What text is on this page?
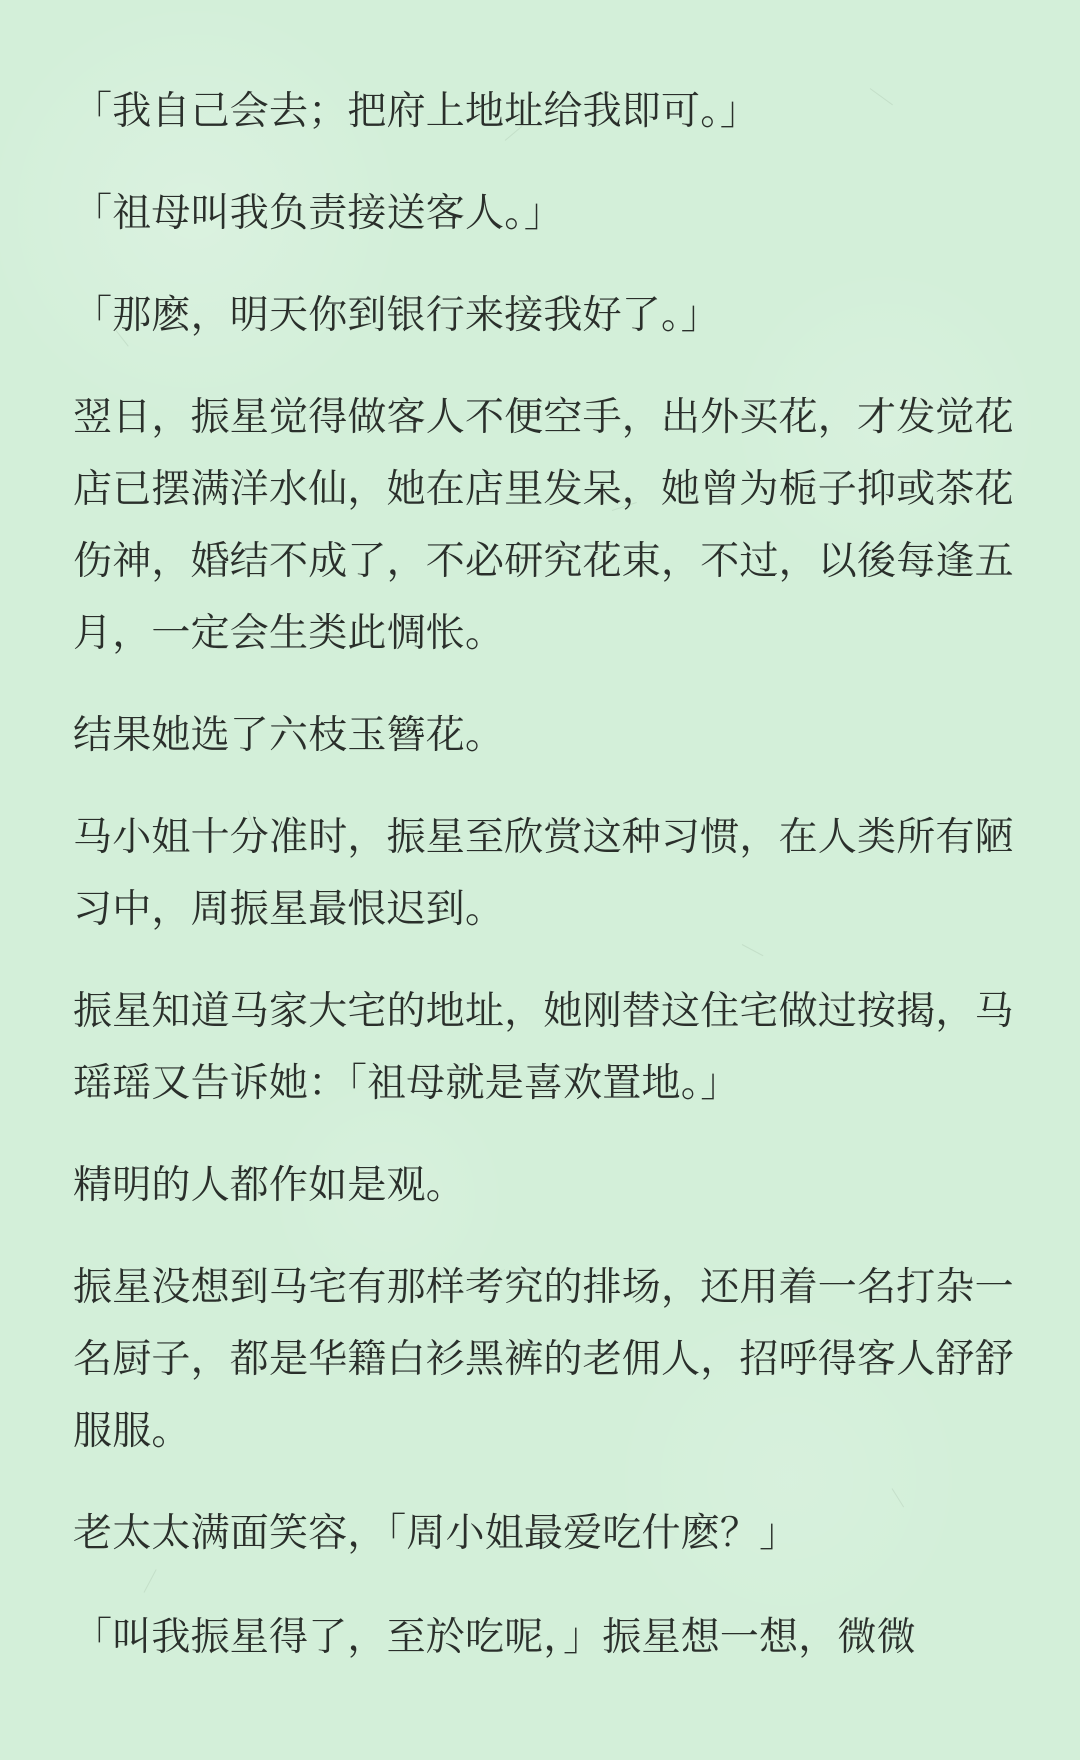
「我自己会去；把府上地址给我即可。」

「祖母叫我负责接送客人。」

「那麽，明天你到银行来接我好了。」

翌日，振星觉得做客人不便空手，出外买花，才发觉花店已摆满洋水仙，她在店里发呆，她曾为栀子抑或茶花伤神，婚结不成了，不必研究花束，不过，以後每逢五月，一定会生类此惆怅。

结果她选了六枝玉簪花。

马小姐十分准时，振星至欣赏这种习惯，在人类所有陋习中，周振星最恨迟到。

振星知道马家大宅的地址，她刚替这住宅做过按揭，马瑶瑶又告诉她：「祖母就是喜欢置地。」

精明的人都作如是观。

振星没想到马宅有那样考究的排场，还用着一名打杂一名厨子，都是华籍白衫黑裤的老佣人，招呼得客人舒舒服服。

老太太满面笑容，「周小姐最爱吃什麽？」

「叫我振星得了，至於吃呢，」振星想一想，微微
